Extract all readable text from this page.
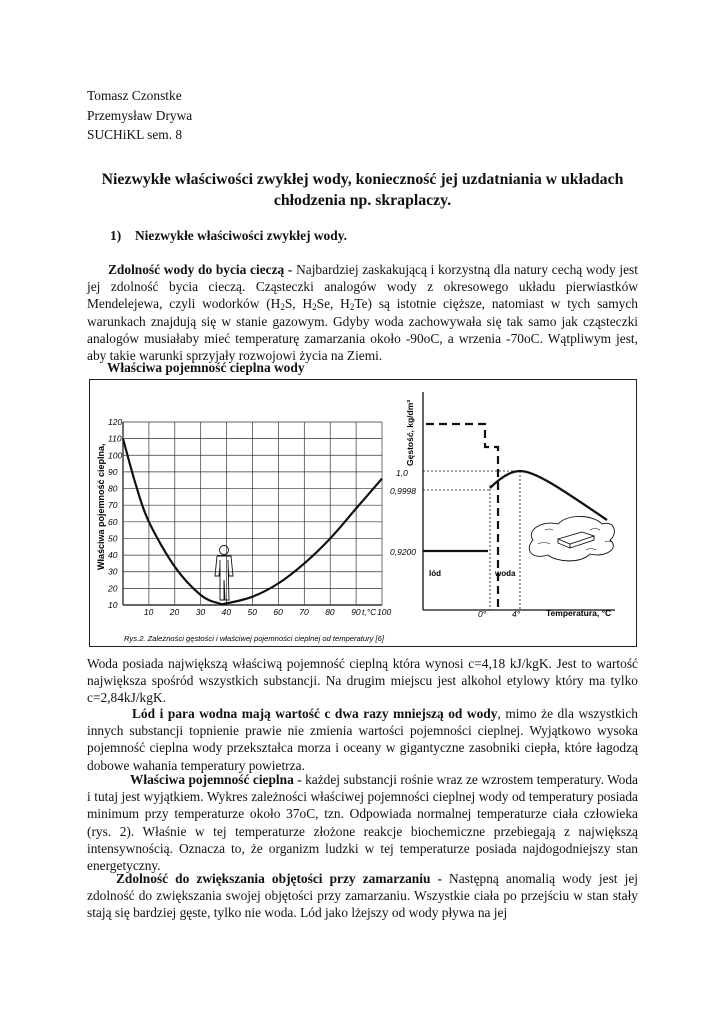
Tomasz Czonstke
Przemysław Drywa
SUCHiKL sem. 8
Niezwykłe właściwości zwykłej wody, konieczność jej uzdatniania w układach chłodzenia np. skraplaczy.
1) Niezwykłe właściwości zwykłej wody.
Zdolność wody do bycia cieczą - Najbardziej zaskakującą i korzystną dla natury cechą wody jest jej zdolność bycia cieczą. Cząsteczki analogów wody z okresowego układu pierwiastków Mendelejewa, czyli wodorków ($H_2S$, $H_2Se$, $H_2Te$) są istotnie cięższe, natomiast w tych samych warunkach znajdują się w stanie gazowym. Gdyby woda zachowywała się tak samo jak cząsteczki analogów musiałaby mieć temperaturę zamarzania około -90oC, a wrzenia -70oC. Wątpliwym jest, aby takie warunki sprzyjały rozwojowi życia na Ziemi.
Właściwa pojemność cieplna wody
120
110
100
90
80
70
60
50
40
30
20
10
10 20 30 40 50 60 70 80 90 100
t,°C
Właściwa pojemność cieplna,
Gęstość, kg/dm³
1,0
0,9998
0,9200
lód	woda
0°	4°	Temperatura, °C
Rys.2. Zależności gęstości i właściwej pojemności cieplnej od temperatury [6]
Woda posiada największą właściwą pojemność cieplną która wynosi c=4,18 kJ/kgK. Jest to wartość największa spośród wszystkich substancji. Na drugim miejscu jest alkohol etylowy który ma tylko c=2,84kJ/kgK.
Lód i para wodna mają wartość c dwa razy mniejszą od wody, mimo że dla wszystkich innych substancji topnienie prawie nie zmienia wartości pojemności cieplnej. Wyjątkowo wysoka pojemność cieplna wody przekształca morza i oceany w gigantyczne zasobniki ciepła, które łagodzą dobowe wahania temperatury powietrza.
Właściwa pojemność cieplna - każdej substancji rośnie wraz ze wzrostem temperatury. Woda i tutaj jest wyjątkiem. Wykres zależności właściwej pojemności cieplnej wody od temperatury posiada minimum przy temperaturze około 37oC, tzn. Odpowiada normalnej temperaturze ciała człowieka (rys. 2). Właśnie w tej temperaturze złożone reakcje biochemiczne przebiegają z największą intensywnością. Oznacza to, że organizm ludzki w tej temperaturze posiada najdogodniejszy stan energetyczny.
Zdolność do zwiększania objętości przy zamarzaniu - Następną anomalią wody jest jej zdolność do zwiększania swojej objętości przy zamarzaniu. Wszystkie ciała po przejściu w stan stały stają się bardziej gęste, tylko nie woda. Lód jako lżejszy od wody pływa na jej
